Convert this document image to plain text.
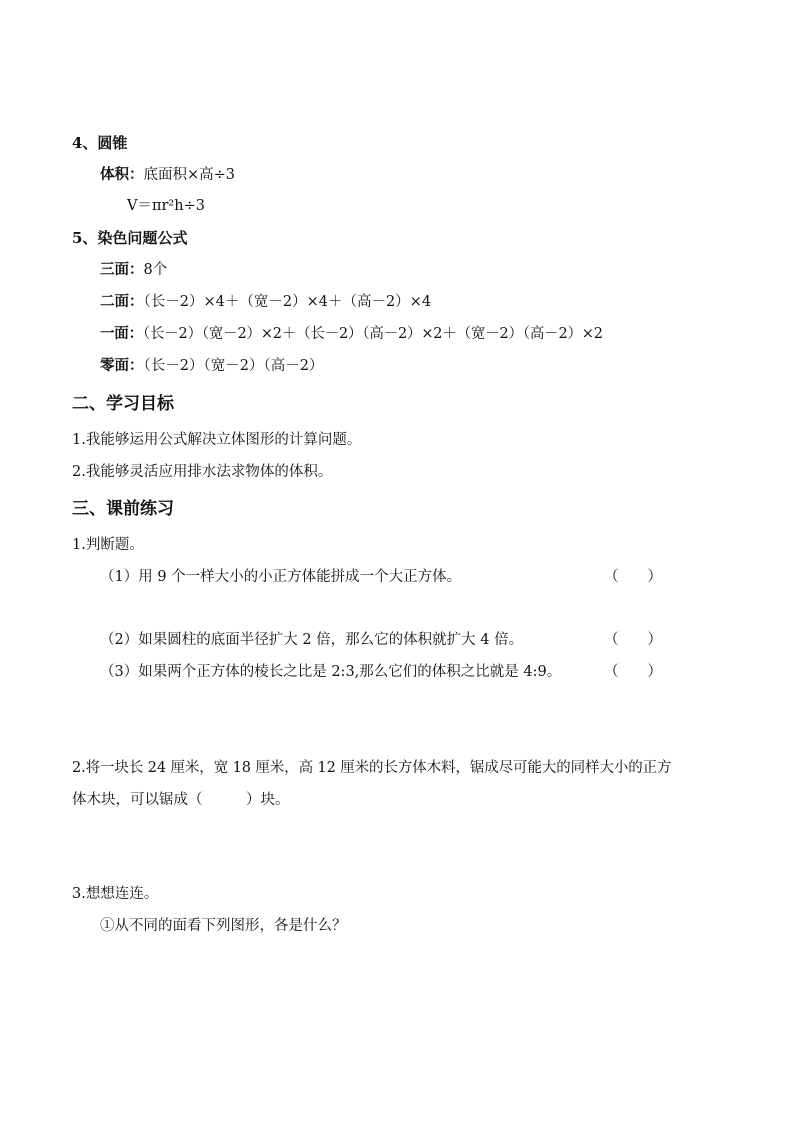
4、圆锥
体积：底面积×高÷3
V＝πr²h÷3
5、染色问题公式
三面：8个
二面：（长－2）×4＋（宽－2）×4＋（高－2）×4
一面：（长－2）（宽－2）×2＋（长－2）（高－2）×2＋（宽－2）（高－2）×2
零面：（长－2）（宽－2）（高－2）
二、学习目标
1.我能够运用公式解决立体图形的计算问题。
2.我能够灵活应用排水法求物体的体积。
三、课前练习
1.判断题。
（1）用 9 个一样大小的小正方体能拼成一个大正方体。	（　　）
（2）如果圆柱的底面半径扩大 2 倍，那么它的体积就扩大 4 倍。	（　　）
（3）如果两个正方体的棱长之比是 2:3,那么它们的体积之比就是 4:9。	（　　）
2.将一块长 24 厘米，宽 18 厘米，高 12 厘米的长方体木料，锯成尽可能大的同样大小的正方
体木块，可以锯成（　　　）块。
3.想想连连。
①从不同的面看下列图形，各是什么？
